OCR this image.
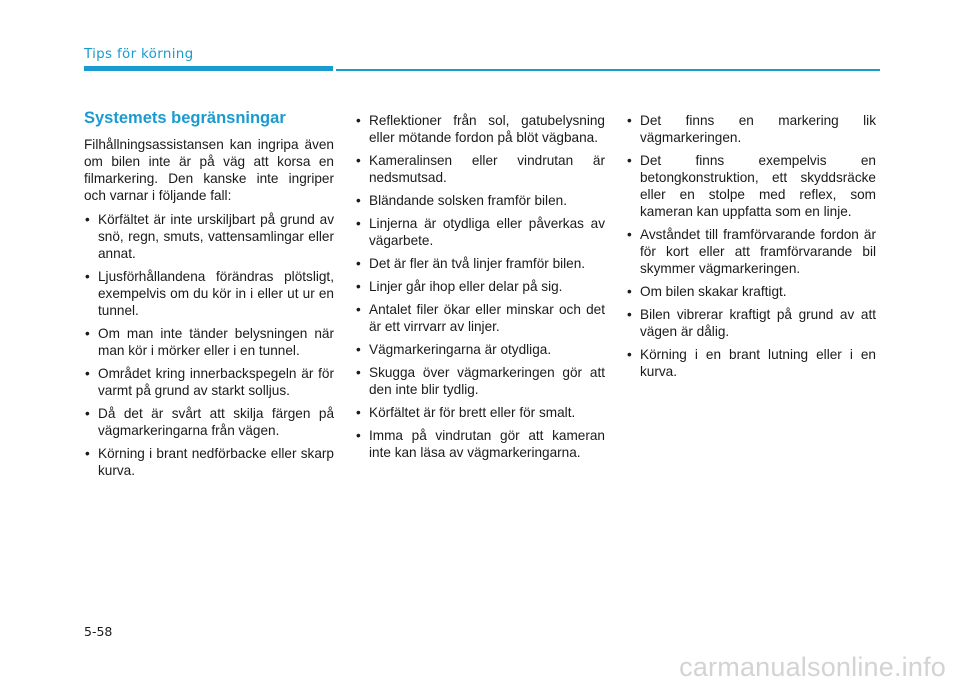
Tips för körning
Systemets begränsningar
Filhållningsassistansen kan ingripa även om bilen inte är på väg att korsa en filmarkering. Den kanske inte ingriper och varnar i följande fall:
• Körfältet är inte urskiljbart på grund av snö, regn, smuts, vattensamlingar eller annat.
• Ljusförhållandena förändras plötsligt, exempelvis om du kör in i eller ut ur en tunnel.
• Om man inte tänder belysningen när man kör i mörker eller i en tunnel.
• Området kring innerbackspegeln är för varmt på grund av starkt solljus.
• Då det är svårt att skilja färgen på vägmarkeringarna från vägen.
• Körning i brant nedförbacke eller skarp kurva.
• Reflektioner från sol, gatubelysning eller mötande fordon på blöt vägbana.
• Kameralinsen eller vindrutan är nedsmutsad.
• Bländande solsken framför bilen.
• Linjerna är otydliga eller påverkas av vägarbete.
• Det är fler än två linjer framför bilen.
• Linjer går ihop eller delar på sig.
• Antalet filer ökar eller minskar och det är ett virrvarr av linjer.
• Vägmarkeringarna är otydliga.
• Skugga över vägmarkeringen gör att den inte blir tydlig.
• Körfältet är för brett eller för smalt.
• Imma på vindrutan gör att kameran inte kan läsa av vägmarkeringarna.
• Det finns en markering lik vägmarkeringen.
• Det finns exempelvis en betongkonstruktion, ett skyddsräcke eller en stolpe med reflex, som kameran kan uppfatta som en linje.
• Avståndet till framförvarande fordon är för kort eller att framförvarande bil skymmer vägmarkeringen.
• Om bilen skakar kraftigt.
• Bilen vibrerar kraftigt på grund av att vägen är dålig.
• Körning i en brant lutning eller i en kurva.
5-58
carmanualsonline.info
